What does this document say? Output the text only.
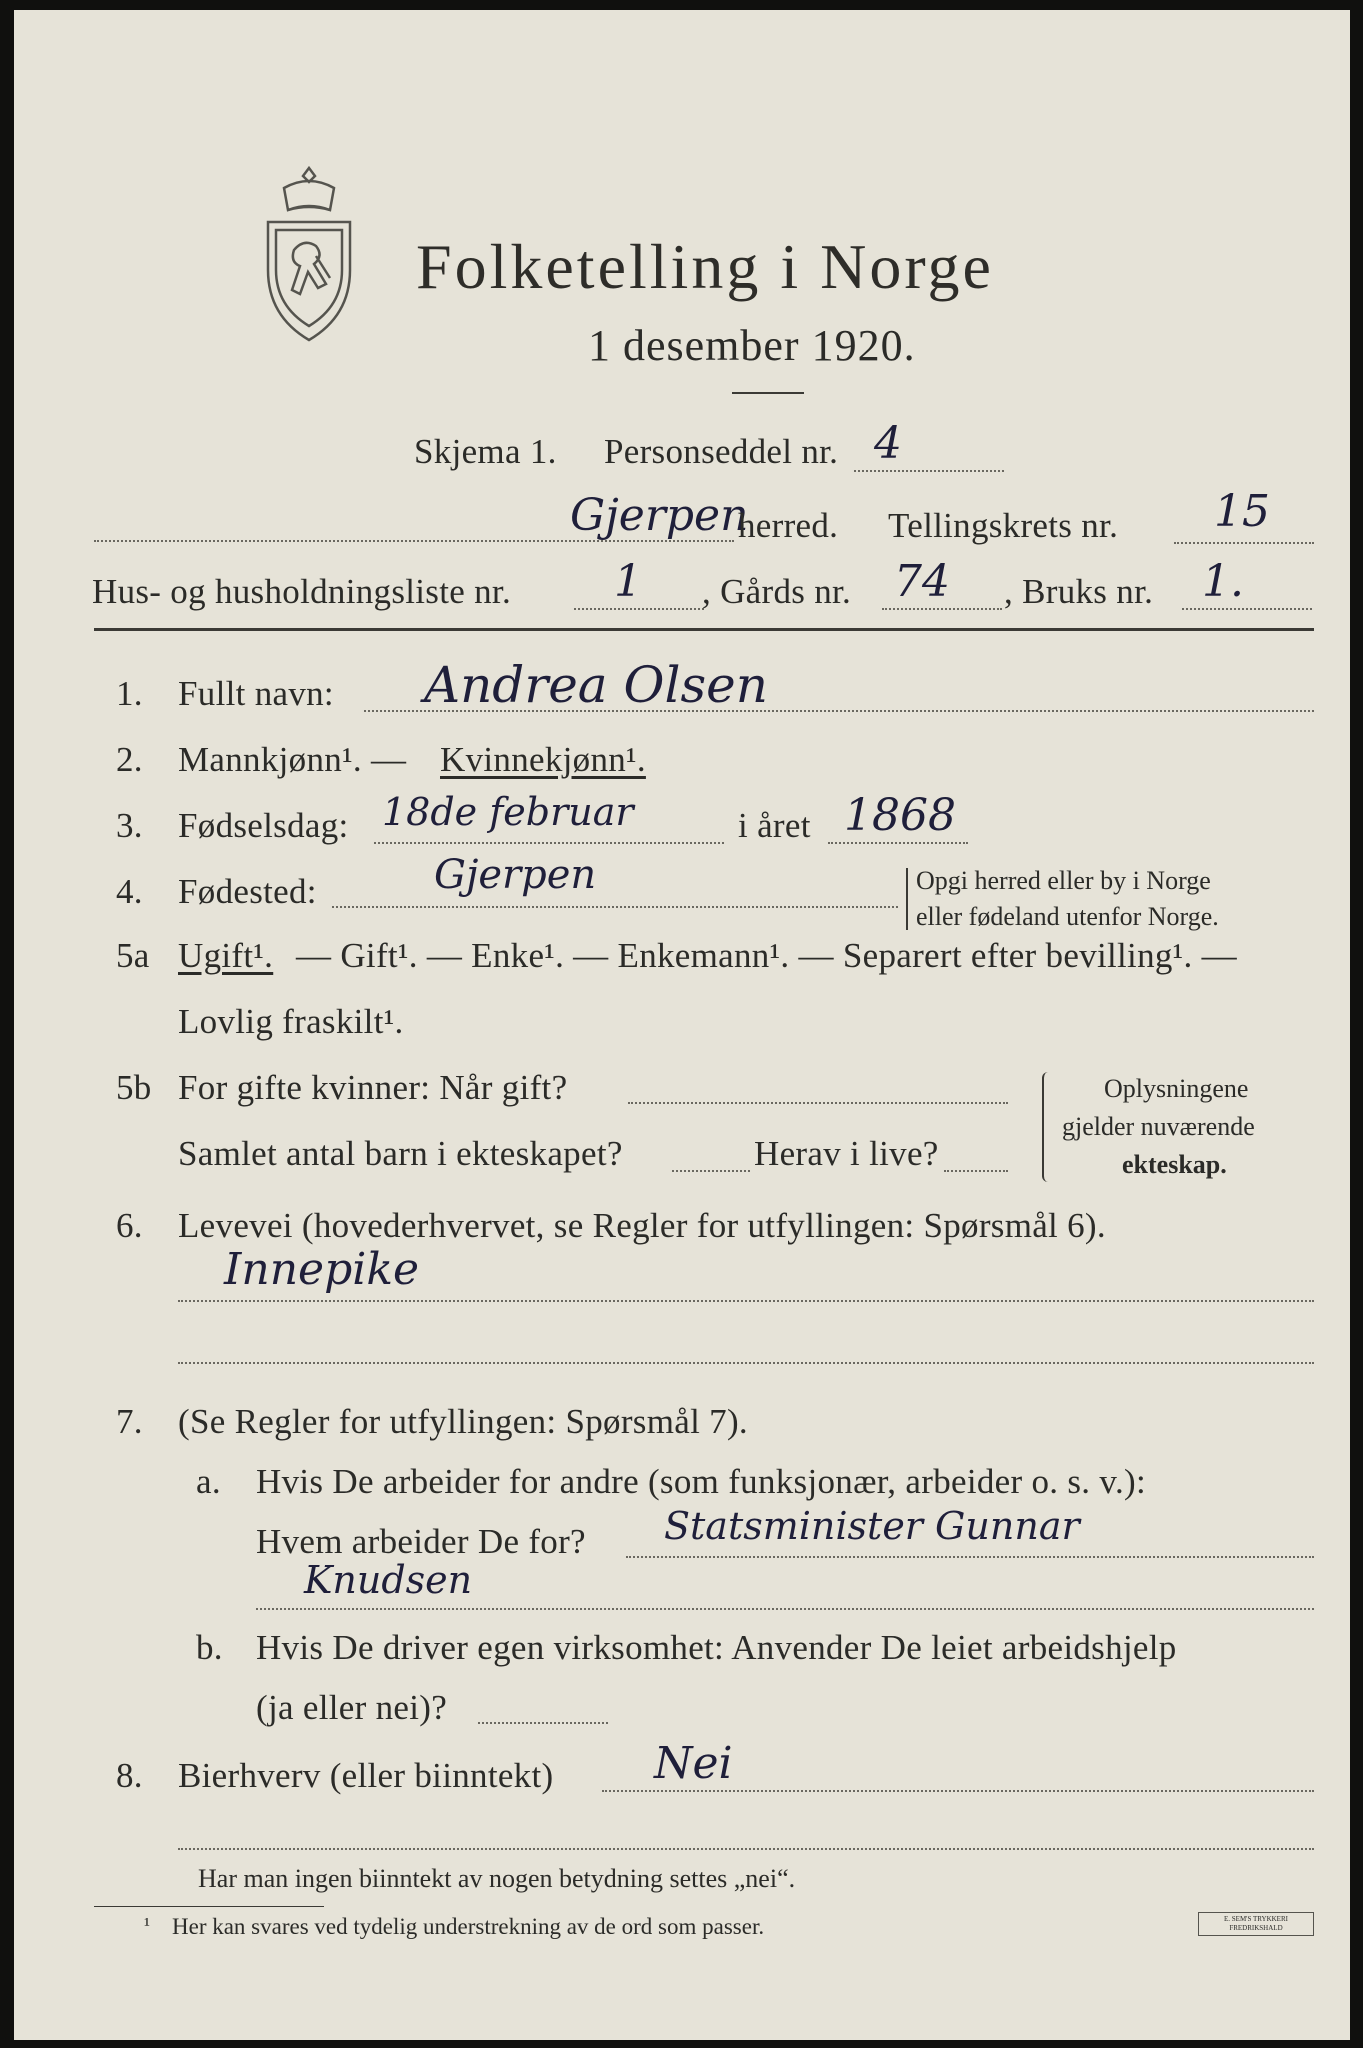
Folketelling i Norge
1 desember 1920.
Skjema 1. Personseddel nr. 4
Gjerpen
herred. Tellingskrets nr. 15
Hus- og husholdningsliste nr. 1 , Gårds nr. 74 , Bruks nr. 1.
1. Fullt navn: Andrea Olsen
2. Mannkjønn¹. — Kvinnekjønn¹.
3. Fødselsdag: 18de februar	i året 1868
4. Fødested:	Gjerpen	Opgi herred eller by i Norge
eller fødeland utenfor Norge.
5a Ugift¹. — Gift¹. — Enke¹. — Enkemann¹. — Separert efter bevilling¹. —
Lovlig fraskilt¹.
5b For gifte kvinner: Når gift?
Samlet antal barn i ekteskapet?	Herav i live?
Oplysningene
gjelder nuværende
ekteskap.
6. Levevei (hovederhvervet, se Regler for utfyllingen: Spørsmål 6).
Innepike
7. (Se Regler for utfyllingen: Spørsmål 7).
a. Hvis De arbeider for andre (som funksjonær, arbeider o. s. v.):
Hvem arbeider De for? Statsminister Gunnar
Knudsen
b. Hvis De driver egen virksomhet: Anvender De leiet arbeidshjelp
(ja eller nei)?
8. Bierhverv (eller biinntekt) Nei
Har man ingen biinntekt av nogen betydning settes „nei“.
¹ Her kan svares ved tydelig understrekning av de ord som passer.	E. SEM'S TRYKKERI FREDRIKSHALD
